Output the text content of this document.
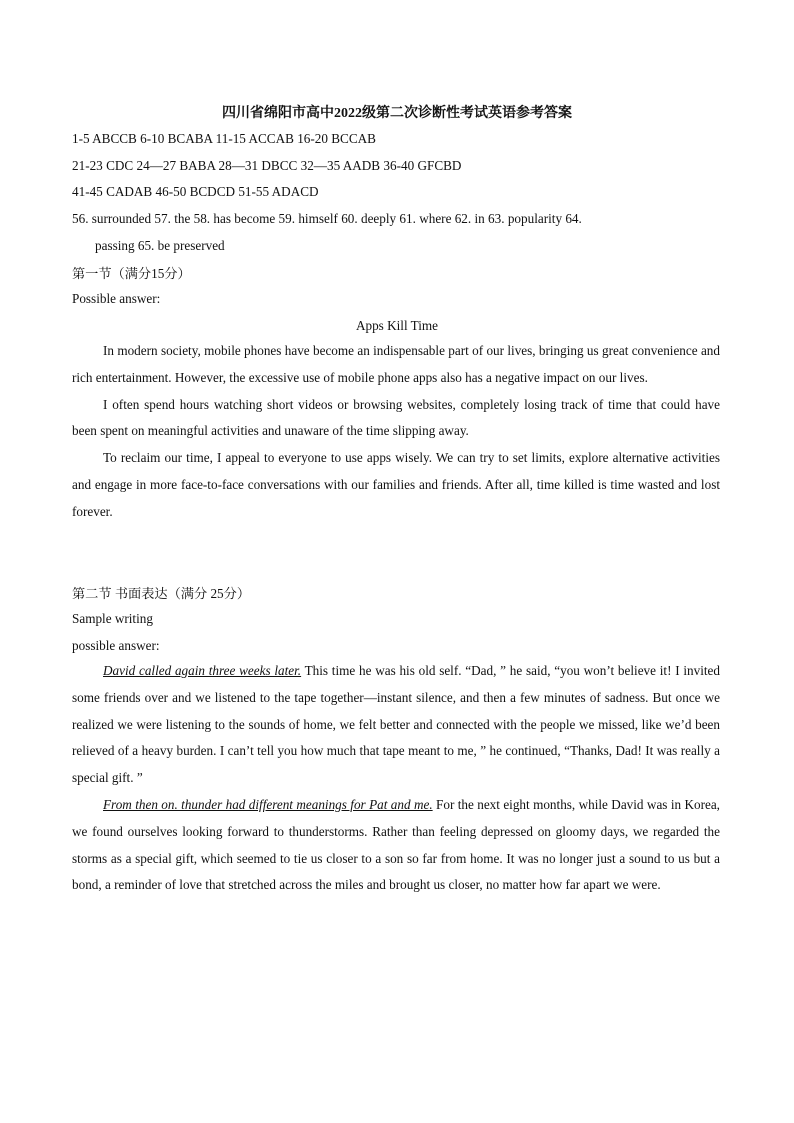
四川省绵阳市高中2022级第二次诊断性考试英语参考答案
1-5 ABCCB 6-10 BCABA 11-15 ACCAB 16-20 BCCAB
21-23 CDC 24—27 BABA 28—31 DBCC 32—35 AADB 36-40 GFCBD
41-45 CADAB 46-50 BCDCD 51-55 ADACD
56. surrounded 57. the 58. has become 59. himself 60. deeply 61. where 62. in 63. popularity 64.
passing 65. be preserved
第一节（满分15分）
Possible answer:
Apps Kill Time
In modern society, mobile phones have become an indispensable part of our lives, bringing us great convenience and rich entertainment. However, the excessive use of mobile phone apps also has a negative impact on our lives.
I often spend hours watching short videos or browsing websites, completely losing track of time that could have been spent on meaningful activities and unaware of the time slipping away.
To reclaim our time, I appeal to everyone to use apps wisely. We can try to set limits, explore alternative activities and engage in more face-to-face conversations with our families and friends. After all, time killed is time wasted and lost forever.
第二节 书面表达（满分 25分）
Sample writing
possible answer:
David called again three weeks later. This time he was his old self. “Dad, ” he said, “you won’t believe it! I invited some friends over and we listened to the tape together—instant silence, and then a few minutes of sadness. But once we realized we were listening to the sounds of home, we felt better and connected with the people we missed, like we’d been relieved of a heavy burden. I can’t tell you how much that tape meant to me, ” he continued, “Thanks, Dad! It was really a special gift. ”
From then on. thunder had different meanings for Pat and me. For the next eight months, while David was in Korea, we found ourselves looking forward to thunderstorms. Rather than feeling depressed on gloomy days, we regarded the storms as a special gift, which seemed to tie us closer to a son so far from home. It was no longer just a sound to us but a bond, a reminder of love that stretched across the miles and brought us closer, no matter how far apart we were.
